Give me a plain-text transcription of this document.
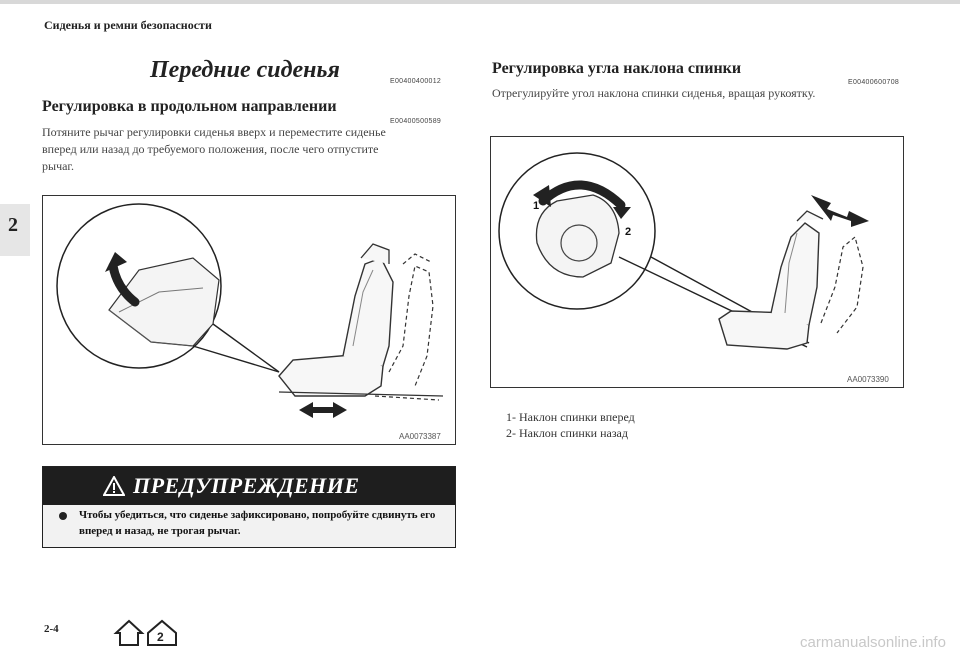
Сиденья и ремни безопасности
2
Передние сиденья	E00400400012
Регулировка в продольном направлении
E00400500589
Потяните рычаг регулировки сиденья вверх и переместите сиденье
вперед или назад до требуемого положения, после чего отпустите
рычаг.
AA0073387
ПРЕДУПРЕЖДЕНИЕ
Чтобы убедиться, что сиденье зафиксировано, попробуйте сдвинуть его вперед и назад, не трогая рычаг.
Регулировка угла наклона спинки
E00400600708
Отрегулируйте угол наклона спинки сиденья, вращая рукоятку.
1
2
AA0073390
1- Наклон спинки вперед
2- Наклон спинки назад
2-4
2	carmanualsonline.info
